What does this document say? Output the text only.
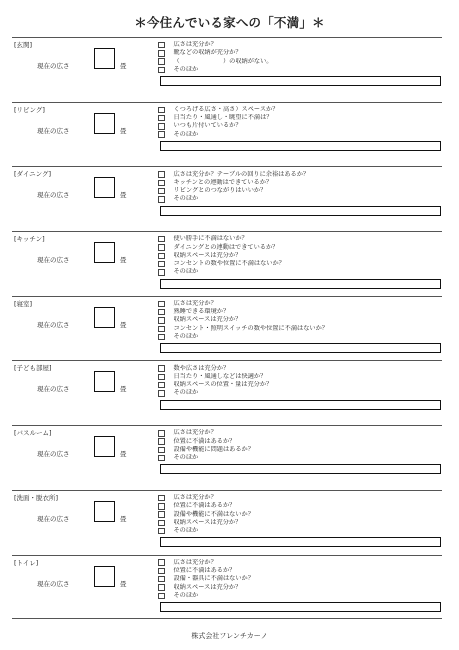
＊今住んでいる家への「不満」＊
[玄関]
現在の広さ	畳
広さは充分か？
靴などの収納が充分か？
（　　　　　　　）の収納がない。
そのほか
[リビング]
現在の広さ	畳
くつろげる広さ・高さ）スペースか？
日当たり・風通し・眺望に不満は？
いつも片付いているか？
そのほか
[ダイニング]
現在の広さ	畳
広さは充分か？テーブルの回りに余裕はあるか？
キッチンとの連動はできているか？
リビングとのつながりはいいか？
そのほか
[キッチン]
現在の広さ	畳
使い勝手に不満はないか？
ダイニングとの連動はできているか？
収納スペースは充分か？
コンセントの数や位置に不満はないか？
そのほか
[寝室]
現在の広さ	畳
広さは充分か？
熟睡できる環境か？
収納スペースは充分か？
コンセント・照明スイッチの数や位置に不満はないか？
そのほか
[子ども部屋]
現在の広さ	畳
数や広さは充分か？
日当たり・風通しなどは快適か？
収納スペースの位置・量は充分か？
そのほか
[バスルーム]
現在の広さ	畳
広さは充分か？
位置に不満はあるか？
設備や機能に問題はあるか？
そのほか
[洗面・脱衣所]
現在の広さ	畳
広さは充分か？
位置に不満はあるか？
設備や機能に不満はないか？
収納スペースは充分か？
そのほか
[トイレ]
現在の広さ	畳
広さは充分か？
位置に不満はあるか？
設備・器具に不満はないか？
収納スペースは充分か？
そのほか
株式会社フレンチカーノ
